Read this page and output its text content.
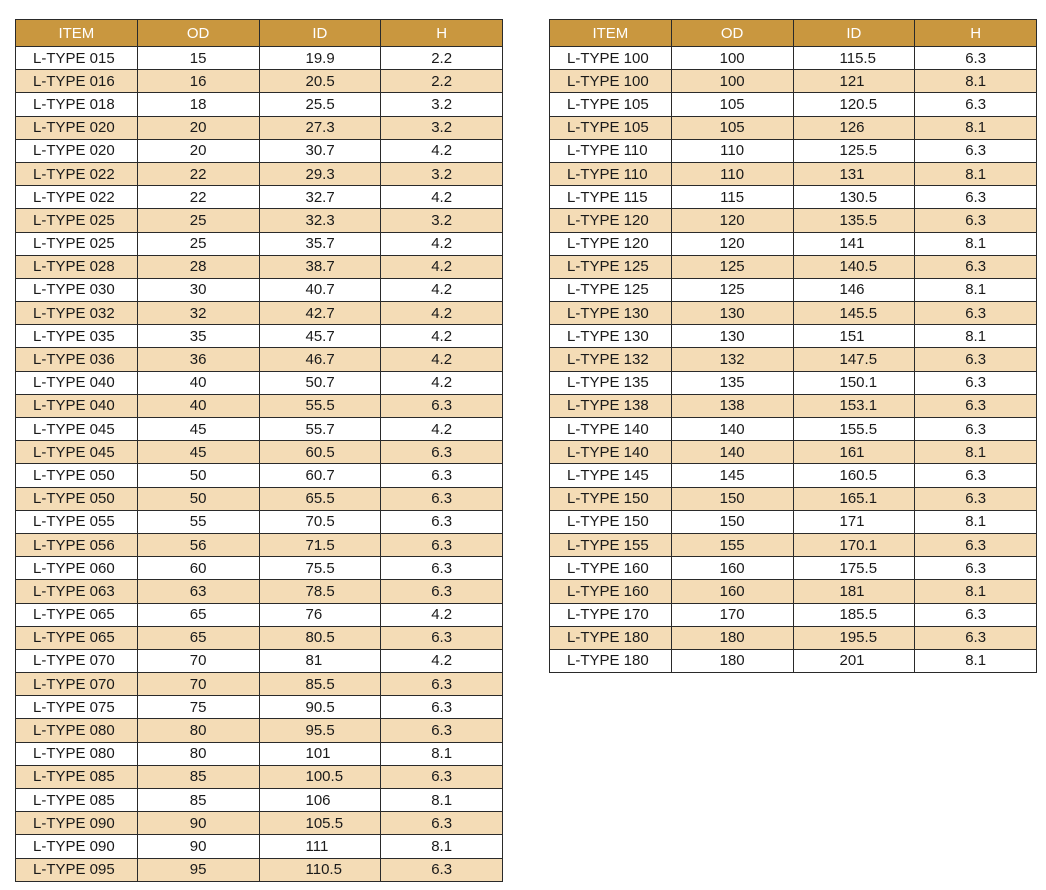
ITEM	OD	ID	H
L-TYPE 015	15	19.9	2.2
L-TYPE 016	16	20.5	2.2
L-TYPE 018	18	25.5	3.2
L-TYPE 020	20	27.3	3.2
L-TYPE 020	20	30.7	4.2
L-TYPE 022	22	29.3	3.2
L-TYPE 022	22	32.7	4.2
L-TYPE 025	25	32.3	3.2
L-TYPE 025	25	35.7	4.2
L-TYPE 028	28	38.7	4.2
L-TYPE 030	30	40.7	4.2
L-TYPE 032	32	42.7	4.2
L-TYPE 035	35	45.7	4.2
L-TYPE 036	36	46.7	4.2
L-TYPE 040	40	50.7	4.2
L-TYPE 040	40	55.5	6.3
L-TYPE 045	45	55.7	4.2
L-TYPE 045	45	60.5	6.3
L-TYPE 050	50	60.7	6.3
L-TYPE 050	50	65.5	6.3
L-TYPE 055	55	70.5	6.3
L-TYPE 056	56	71.5	6.3
L-TYPE 060	60	75.5	6.3
L-TYPE 063	63	78.5	6.3
L-TYPE 065	65	76	4.2
L-TYPE 065	65	80.5	6.3
L-TYPE 070	70	81	4.2
L-TYPE 070	70	85.5	6.3
L-TYPE 075	75	90.5	6.3
L-TYPE 080	80	95.5	6.3
L-TYPE 080	80	101	8.1
L-TYPE 085	85	100.5	6.3
L-TYPE 085	85	106	8.1
L-TYPE 090	90	105.5	6.3
L-TYPE 090	90	111	8.1
L-TYPE 095	95	110.5	6.3
ITEM	OD	ID	H
L-TYPE 100	100	115.5	6.3
L-TYPE 100	100	121	8.1
L-TYPE 105	105	120.5	6.3
L-TYPE 105	105	126	8.1
L-TYPE 110	110	125.5	6.3
L-TYPE 110	110	131	8.1
L-TYPE 115	115	130.5	6.3
L-TYPE 120	120	135.5	6.3
L-TYPE 120	120	141	8.1
L-TYPE 125	125	140.5	6.3
L-TYPE 125	125	146	8.1
L-TYPE 130	130	145.5	6.3
L-TYPE 130	130	151	8.1
L-TYPE 132	132	147.5	6.3
L-TYPE 135	135	150.1	6.3
L-TYPE 138	138	153.1	6.3
L-TYPE 140	140	155.5	6.3
L-TYPE 140	140	161	8.1
L-TYPE 145	145	160.5	6.3
L-TYPE 150	150	165.1	6.3
L-TYPE 150	150	171	8.1
L-TYPE 155	155	170.1	6.3
L-TYPE 160	160	175.5	6.3
L-TYPE 160	160	181	8.1
L-TYPE 170	170	185.5	6.3
L-TYPE 180	180	195.5	6.3
L-TYPE 180	180	201	8.1
